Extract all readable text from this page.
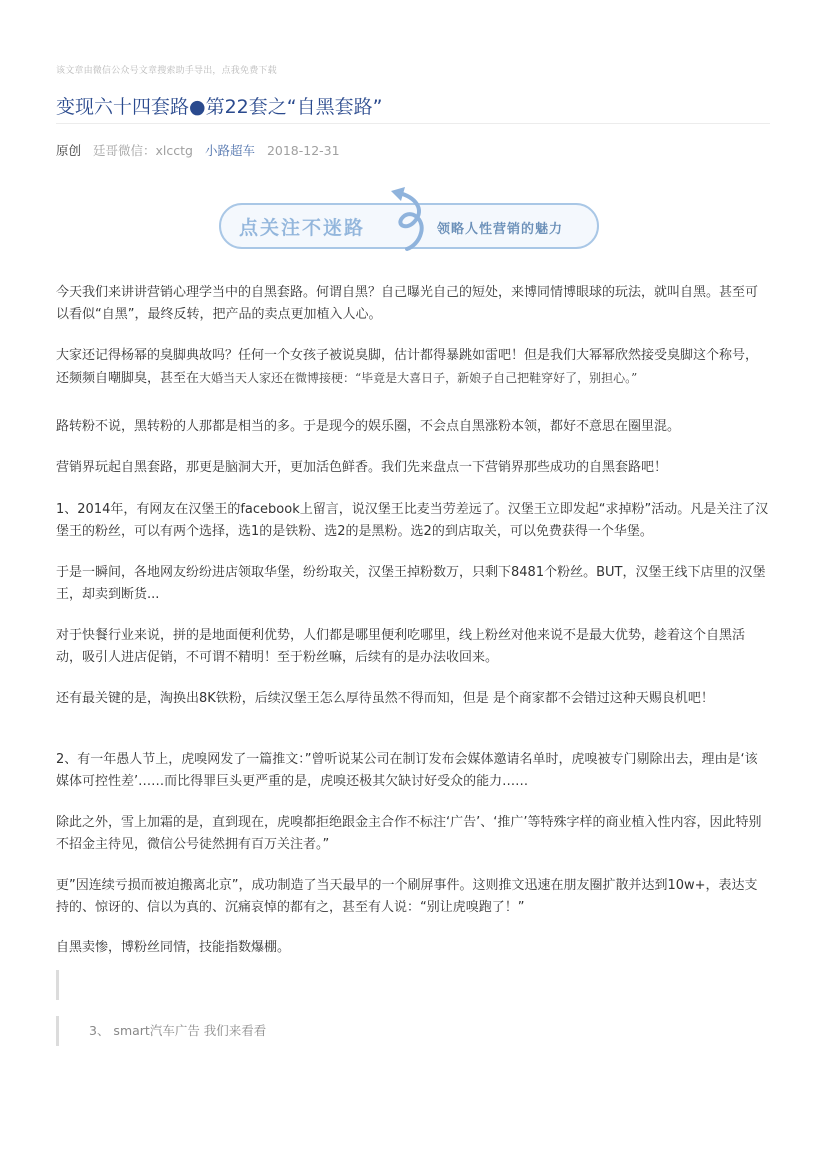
该文章由微信公众号文章搜索助手导出，点我免费下载
变现六十四套路●第22套之“自黑套路”
原创 廷哥微信：xlcctg 小路超车 2018-12-31
点关注不迷路	领略人性营销的魅力

今天我们来讲讲营销心理学当中的自黑套路。何谓自黑？自己曝光自己的短处，来博同情博眼球的玩法，就叫自黑。甚至可以看似“自黑”，最终反转，把产品的卖点更加植入人心。

大家还记得杨幂的臭脚典故吗？任何一个女孩子被说臭脚，估计都得暴跳如雷吧！但是我们大幂幂欣然接受臭脚这个称号，还频频自嘲脚臭，甚至在大婚当天人家还在微博接梗：“毕竟是大喜日子，新娘子自己把鞋穿好了，别担心。”

路转粉不说，黑转粉的人那都是相当的多。于是现今的娱乐圈，不会点自黑涨粉本领，都好不意思在圈里混。

营销界玩起自黑套路，那更是脑洞大开，更加活色鲜香。我们先来盘点一下营销界那些成功的自黑套路吧！

1、2014年，有网友在汉堡王的facebook上留言，说汉堡王比麦当劳差远了。汉堡王立即发起“求掉粉”活动。凡是关注了汉堡王的粉丝，可以有两个选择，选1的是铁粉、选2的是黑粉。选2的到店取关，可以免费获得一个华堡。

于是一瞬间，各地网友纷纷进店领取华堡，纷纷取关，汉堡王掉粉数万，只剩下8481个粉丝。BUT，汉堡王线下店里的汉堡王，却卖到断货...

对于快餐行业来说，拼的是地面便利优势，人们都是哪里便利吃哪里，线上粉丝对他来说不是最大优势，趁着这个自黑活动，吸引人进店促销，不可谓不精明！至于粉丝嘛，后续有的是办法收回来。

还有最关键的是，淘换出8K铁粉，后续汉堡王怎么厚待虽然不得而知，但是 是个商家都不会错过这种天赐良机吧！

2、有一年愚人节上，虎嗅网发了一篇推文：”曾听说某公司在制订发布会媒体邀请名单时，虎嗅被专门剔除出去，理由是‘该媒体可控性差’……而比得罪巨头更严重的是，虎嗅还极其欠缺讨好受众的能力……

除此之外，雪上加霜的是，直到现在，虎嗅都拒绝跟金主合作不标注‘广告’、‘推广’等特殊字样的商业植入性内容，因此特别不招金主待见，微信公号徒然拥有百万关注者。”

更”因连续亏损而被迫搬离北京”，成功制造了当天最早的一个刷屏事件。这则推文迅速在朋友圈扩散并达到10w+，表达支持的、惊讶的、信以为真的、沉痛哀悼的都有之，甚至有人说：“别让虎嗅跑了！”

自黑卖惨，博粉丝同情，技能指数爆棚。

3、 smart汽车广告 我们来看看
